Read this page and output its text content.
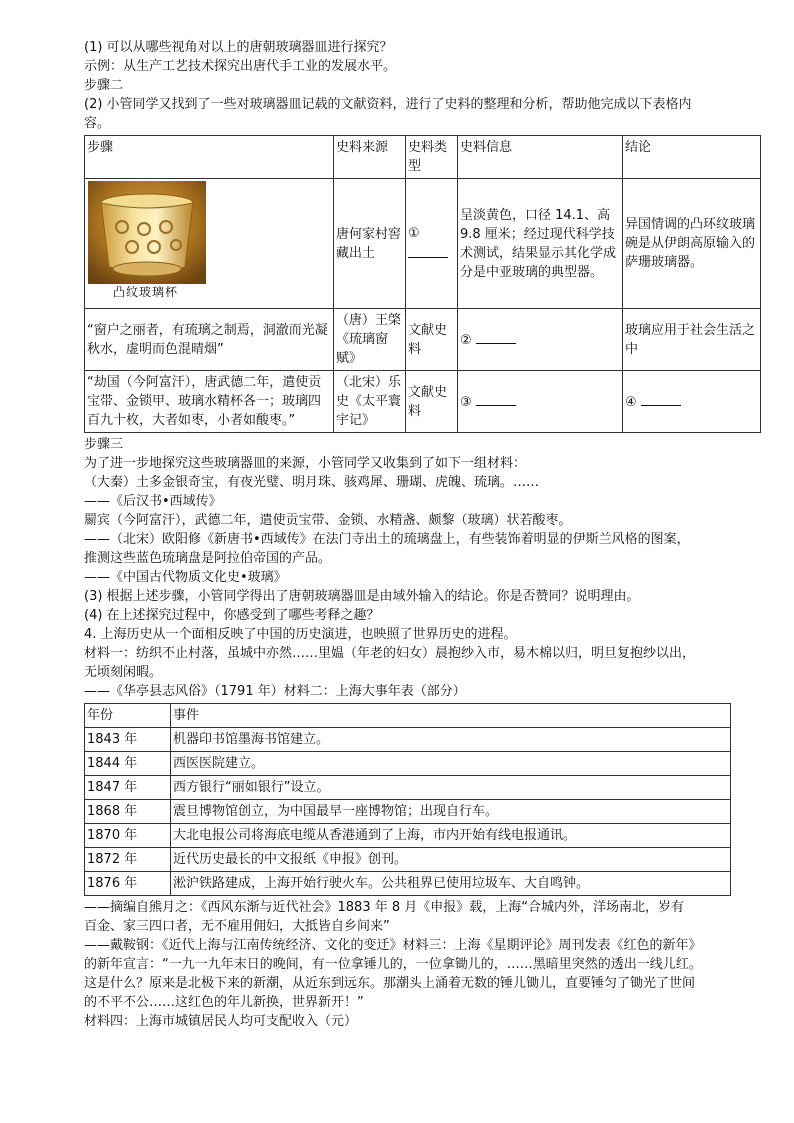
(1) 可以从哪些视角对以上的唐朝玻璃器皿进行探究？

示例：从生产工艺技术探究出唐代手工业的发展水平。

步骤二

(2) 小管同学又找到了一些对玻璃器皿记载的文献资料，进行了史料的整理和分析，帮助他完成以下表格内

容。

步骤	史料来源	史料类型	史料信息	结论

凸纹玻璃杯	唐何家村窖藏出土	①	呈淡黄色，口径 14.1、高 9.8 厘米；经过现代科学技术测试，结果显示其化学成分是中亚玻璃的典型器。	异国情调的凸环纹玻璃碗是从伊朗高原输入的萨珊玻璃器。
“窗户之丽者，有琉璃之制焉，洞澈而光凝秋水，虚明而色混晴烟”	（唐）王棨《琉璃窗赋》	文献史料	②	玻璃应用于社会生活之中
“劫国（今阿富汗），唐武德二年，遣使贡宝带、金锁甲、玻璃水精杯各一；玻璃四百九十枚，大者如枣，小者如酸枣。”	（北宋）乐史《太平寰宇记》	文献史料	③	④

步骤三

为了进一步地探究这些玻璃器皿的来源，小管同学又收集到了如下一组材料：

（大秦）土多金银奇宝，有夜光璧、明月珠、骇鸡犀、珊瑚、虎魄、琉璃。……

——《后汉书•西域传》

罽宾（今阿富汗），武德二年，遣使贡宝带、金锁、水精盏、颇黎（玻璃）状若酸枣。

——（北宋）欧阳修《新唐书•西域传》在法门寺出土的琉璃盘上，有些装饰着明显的伊斯兰风格的图案，

推测这些蓝色琉璃盘是阿拉伯帝国的产品。

——《中国古代物质文化史•玻璃》

(3) 根据上述步骤，小管同学得出了唐朝玻璃器皿是由域外输入的结论。你是否赞同？说明理由。

(4) 在上述探究过程中，你感受到了哪些考释之趣？

4. 上海历史从一个面相反映了中国的历史演进，也映照了世界历史的进程。

材料一：纺织不止村落，虽城中亦然……里媪（年老的妇女）晨抱纱入市，易木棉以归，明旦复抱纱以出，

无顷刻闲暇。

——《华亭县志风俗》（1791 年）材料二：上海大事年表（部分）

年份	事件
1843 年	机器印书馆墨海书馆建立。
1844 年	西医医院建立。
1847 年	西方银行“丽如银行”设立。
1868 年	震旦博物馆创立，为中国最早一座博物馆；出现自行车。
1870 年	大北电报公司将海底电缆从香港通到了上海，市内开始有线电报通讯。
1872 年	近代历史最长的中文报纸《申报》创刊。
1876 年	淞沪铁路建成，上海开始行驶火车。公共租界已使用垃圾车、大自鸣钟。

——摘编自熊月之：《西风东渐与近代社会》1883 年 8 月《申报》载，上海“合城内外，洋场南北，岁有

百金、家三四口者，无不雇用佣妇，大抵皆自乡间来”

——戴鞍钢：《近代上海与江南传统经济、文化的变迁》材料三：上海《星期评论》周刊发表《红色的新年》

的新年宣言：“一九一九年末日的晚间，有一位拿锤儿的，一位拿锄儿的，……黑暗里突然的透出一线儿红。

这是什么？原来是北极下来的新潮，从近东到远东。那潮头上涌着无数的锤儿锄儿，直要锤匀了锄光了世间

的不平不公……这红色的年儿新换，世界新开！”

材料四：上海市城镇居民人均可支配收入（元）
